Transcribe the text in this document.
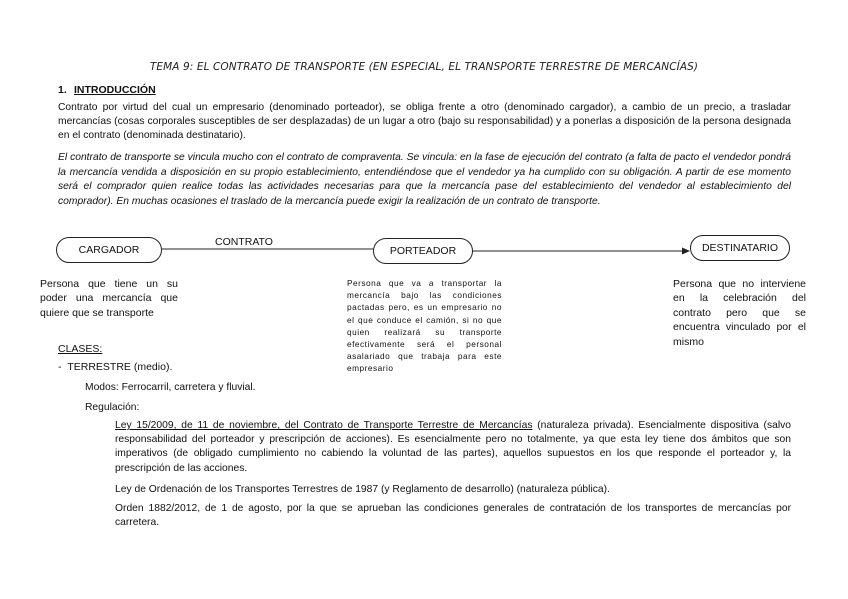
TEMA 9: EL CONTRATO DE TRANSPORTE (EN ESPECIAL, EL TRANSPORTE TERRESTRE DE MERCANCÍAS)
1. INTRODUCCIÓN
Contrato por virtud del cual un empresario (denominado porteador), se obliga frente a otro (denominado cargador), a cambio de un precio, a trasladar mercancías (cosas corporales susceptibles de ser desplazadas) de un lugar a otro (bajo su responsabilidad) y a ponerlas a disposición de la persona designada en el contrato (denominada destinatario).
El contrato de transporte se vincula mucho con el contrato de compraventa. Se vincula: en la fase de ejecución del contrato (a falta de pacto el vendedor pondrá la mercancía vendida a disposición en su propio establecimiento, entendiéndose que el vendedor ya ha cumplido con su obligación. A partir de ese momento será el comprador quien realice todas las actividades necesarias para que la mercancía pase del establecimiento del vendedor al establecimiento del comprador). En muchas ocasiones el traslado de la mercancía puede exigir la realización de un contrato de transporte.
CONTRATO
CARGADOR	PORTEADOR	DESTINATARIO
Persona que tiene un su poder una mercancía que quiere que se transporte
Persona que va a transportar la mercancía bajo las condiciones pactadas pero, es un empresario no el que conduce el camión, si no que quien realizará su transporte efectivamente será el personal asalariado que trabaja para este empresario
Persona que no interviene en la celebración del contrato pero que se encuentra vinculado por el mismo
CLASES:
- TERRESTRE (medio).
Modos: Ferrocarril, carretera y fluvial.
Regulación:
Ley 15/2009, de 11 de noviembre, del Contrato de Transporte Terrestre de Mercancías (naturaleza privada). Esencialmente dispositiva (salvo responsabilidad del porteador y prescripción de acciones). Es esencialmente pero no totalmente, ya que esta ley tiene dos ámbitos que son imperativos (de obligado cumplimiento no cabiendo la voluntad de las partes), aquellos supuestos en los que responde el porteador y, la prescripción de las acciones.
Ley de Ordenación de los Transportes Terrestres de 1987 (y Reglamento de desarrollo) (naturaleza pública).
Orden 1882/2012, de 1 de agosto, por la que se aprueban las condiciones generales de contratación de los transportes de mercancías por carretera.
